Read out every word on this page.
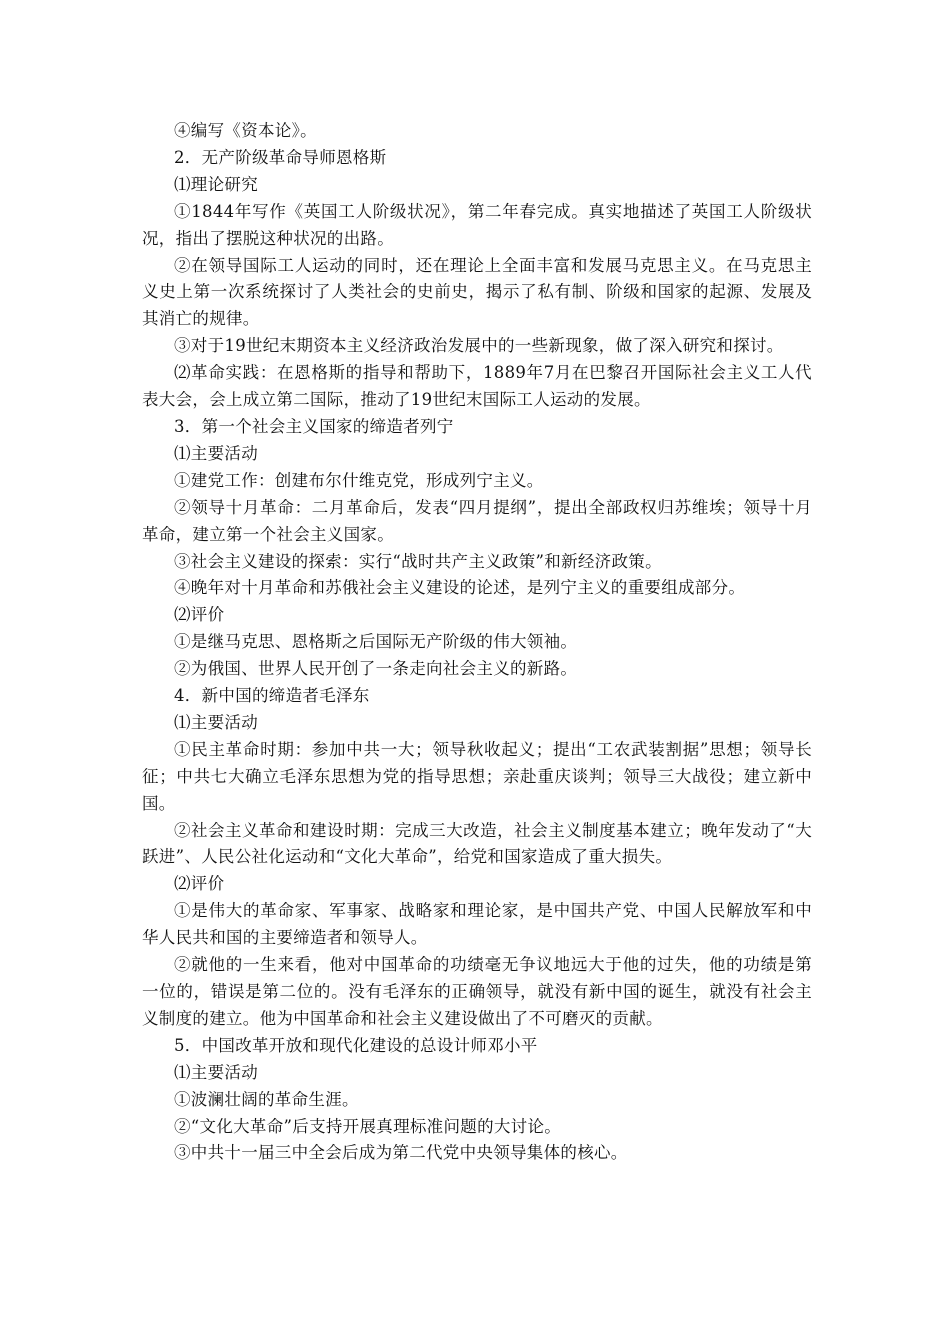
④编写《资本论》。

2．无产阶级革命导师恩格斯

⑴理论研究

①1844年写作《英国工人阶级状况》，第二年春完成。真实地描述了英国工人阶级状况，指出了摆脱这种状况的出路。

②在领导国际工人运动的同时，还在理论上全面丰富和发展马克思主义。在马克思主义史上第一次系统探讨了人类社会的史前史，揭示了私有制、阶级和国家的起源、发展及其消亡的规律。

③对于19世纪末期资本主义经济政治发展中的一些新现象，做了深入研究和探讨。

⑵革命实践：在恩格斯的指导和帮助下，1889年7月在巴黎召开国际社会主义工人代表大会，会上成立第二国际，推动了19世纪末国际工人运动的发展。

3．第一个社会主义国家的缔造者列宁

⑴主要活动

①建党工作：创建布尔什维克党，形成列宁主义。

②领导十月革命：二月革命后，发表“四月提纲”，提出全部政权归苏维埃；领导十月革命，建立第一个社会主义国家。

③社会主义建设的探索：实行“战时共产主义政策”和新经济政策。

④晚年对十月革命和苏俄社会主义建设的论述，是列宁主义的重要组成部分。

⑵评价

①是继马克思、恩格斯之后国际无产阶级的伟大领袖。

②为俄国、世界人民开创了一条走向社会主义的新路。

4．新中国的缔造者毛泽东

⑴主要活动

①民主革命时期：参加中共一大；领导秋收起义；提出“工农武装割据”思想；领导长征；中共七大确立毛泽东思想为党的指导思想；亲赴重庆谈判；领导三大战役；建立新中国。

②社会主义革命和建设时期：完成三大改造，社会主义制度基本建立；晚年发动了“大跃进”、人民公社化运动和“文化大革命”，给党和国家造成了重大损失。

⑵评价

①是伟大的革命家、军事家、战略家和理论家，是中国共产党、中国人民解放军和中华人民共和国的主要缔造者和领导人。

②就他的一生来看，他对中国革命的功绩毫无争议地远大于他的过失，他的功绩是第一位的，错误是第二位的。没有毛泽东的正确领导，就没有新中国的诞生，就没有社会主义制度的建立。他为中国革命和社会主义建设做出了不可磨灭的贡献。

5．中国改革开放和现代化建设的总设计师邓小平

⑴主要活动

①波澜壮阔的革命生涯。

②“文化大革命”后支持开展真理标准问题的大讨论。

③中共十一届三中全会后成为第二代党中央领导集体的核心。
